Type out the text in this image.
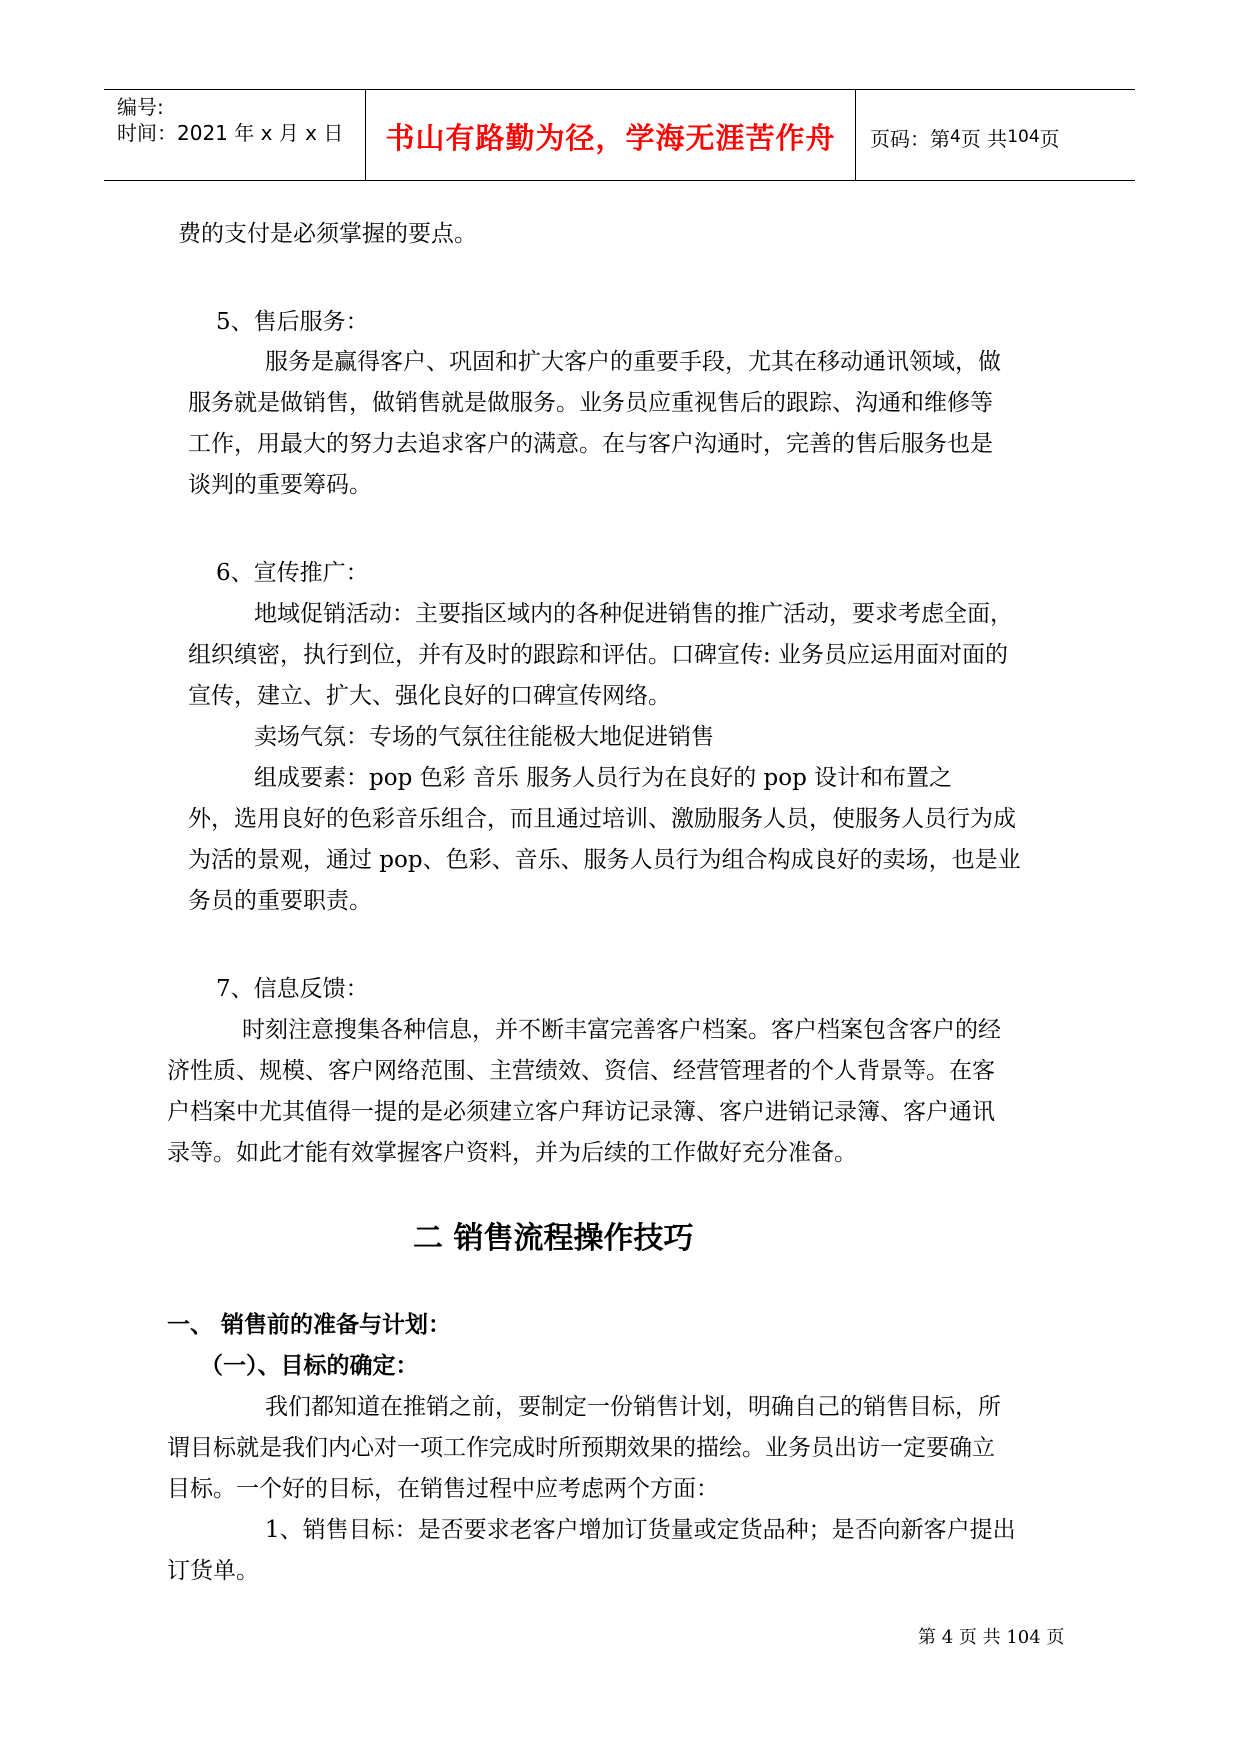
编号:
时间：2021 年 x 月 x 日	书山有路勤为径，学海无涯苦作舟	页码：第 4 页 共 104 页
费的支付是必须掌握的要点。
5、售后服务：
服务是赢得客户、巩固和扩大客户的重要手段，尤其在移动通讯领域，做
服务就是做销售，做销售就是做服务。业务员应重视售后的跟踪、沟通和维修等
工作，用最大的努力去追求客户的满意。在与客户沟通时，完善的售后服务也是
谈判的重要筹码。
6、宣传推广：
地域促销活动：主要指区域内的各种促进销售的推广活动，要求考虑全面，
组织缜密，执行到位，并有及时的跟踪和评估。口碑宣传: 业务员应运用面对面的
宣传，建立、扩大、强化良好的口碑宣传网络。
卖场气氛：专场的气氛往往能极大地促进销售
组成要素：pop 色彩 音乐 服务人员行为在良好的 pop 设计和布置之
外，选用良好的色彩音乐组合，而且通过培训、激励服务人员，使服务人员行为成
为活的景观，通过 pop、色彩、音乐、服务人员行为组合构成良好的卖场，也是业
务员的重要职责。
7、信息反馈：
时刻注意搜集各种信息，并不断丰富完善客户档案。客户档案包含客户的经
济性质、规模、客户网络范围、主营绩效、资信、经营管理者的个人背景等。在客
户档案中尤其值得一提的是必须建立客户拜访记录簿、客户进销记录簿、客户通讯
录等。如此才能有效掌握客户资料，并为后续的工作做好充分准备。
二 销售流程操作技巧
一、 销售前的准备与计划：
（一）、目标的确定：
我们都知道在推销之前，要制定一份销售计划，明确自己的销售目标，所
谓目标就是我们内心对一项工作完成时所预期效果的描绘。业务员出访一定要确立
目标。一个好的目标，在销售过程中应考虑两个方面：
1、销售目标：是否要求老客户增加订货量或定货品种；是否向新客户提出
订货单。
第 4 页 共 104 页
